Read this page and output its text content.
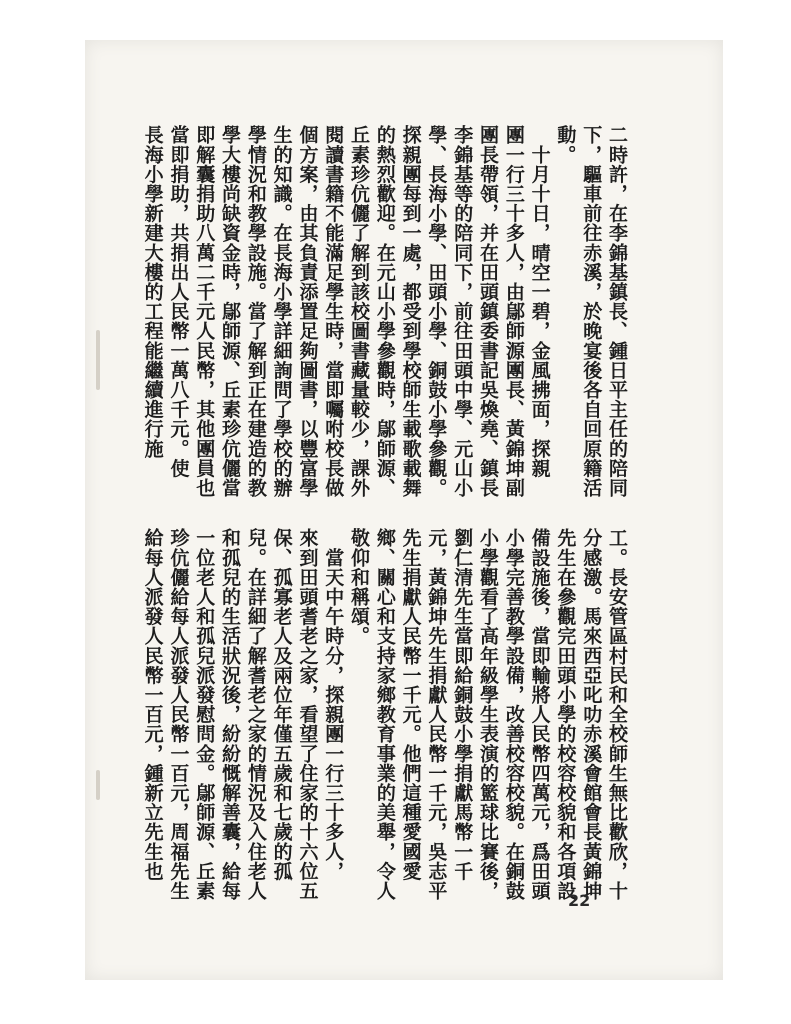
二時許，在李錦基鎮長、鍾日平主任的陪同
下，驅車前往赤溪，於晚宴後各自回原籍活
動。
　十月十日，晴空一碧，金風拂面，探親
團一行三十多人，由鄔師源團長、黃錦坤副
團長帶領，并在田頭鎮委書記吳煥堯、鎮長
李錦基等的陪同下，前往田頭中學、元山小
學、長海小學、田頭小學、銅鼓小學參觀。
探親團每到一處，都受到學校師生載歌載舞
的熱烈歡迎。在元山小學參觀時，鄔師源、
丘素珍伉儷了解到該校圖書藏量較少，課外
閱讀書籍不能滿足學生時，當即囑咐校長做
個方案，由其負責添置足夠圖書，以豐富學
生的知識。在長海小學詳細詢問了學校的辦
學情況和教學設施。當了解到正在建造的教
學大樓尚缺資金時，鄔師源、丘素珍伉儷當
即解囊捐助八萬二千元人民幣，其他團員也
當即捐助，共捐出人民幣一萬八千元。使
長海小學新建大樓的工程能繼續進行施
工。長安管區村民和全校師生無比歡欣，十
分感激。馬來西亞叱叻赤溪會館會長黃錦坤
先生在參觀完田頭小學的校容校貌和各項設
備設施後，當即輸將人民幣四萬元，爲田頭
小學完善教學設備，改善校容校貌。在銅鼓
小學觀看了高年級學生表演的籃球比賽後，
劉仁清先生當即給銅鼓小學捐獻馬幣一千
元，黃錦坤先生捐獻人民幣一千元，吳志平
先生捐獻人民幣一千元。他們這種愛國愛
鄉、關心和支持家鄉教育事業的美舉，令人
敬仰和稱頌。
　當天中午時分，探親團一行三十多人，
來到田頭耆老之家，看望了住家的十六位五
保、孤寡老人及兩位年僅五歲和七歲的孤
兒。在詳細了解耆老之家的情況及入住老人
和孤兒的生活狀況後，紛紛慨解善囊，給每
一位老人和孤兒派發慰問金。鄔師源、丘素
珍伉儷給每人派發人民幣一百元，周福先生
給每人派發人民幣一百元，鍾新立先生也
22
